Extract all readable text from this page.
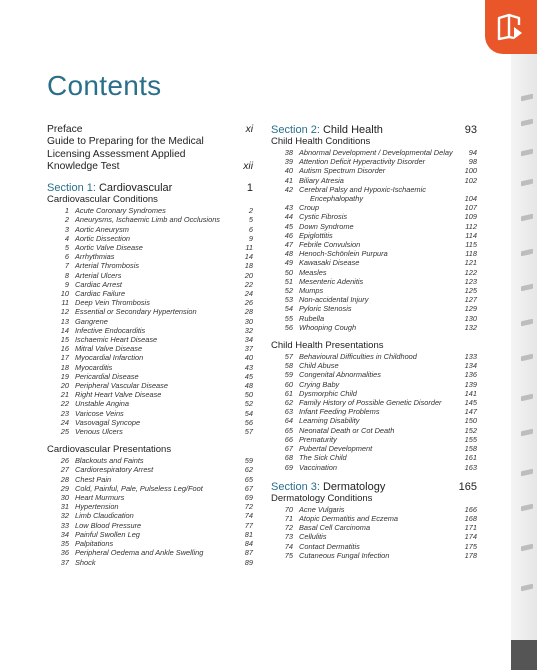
Contents
Preface	xi
Guide to Preparing for the Medical Licensing Assessment Applied Knowledge Test	xii
Section 1: Cardiovascular	1
Cardiovascular Conditions
1 Acute Coronary Syndromes	2
2 Aneurysms, Ischaemic Limb and Occlusions	5
3 Aortic Aneurysm	6
4 Aortic Dissection	9
5 Aortic Valve Disease	11
6 Arrhythmias	14
7 Arterial Thrombosis	18
8 Arterial Ulcers	20
9 Cardiac Arrest	22
10 Cardiac Failure	24
11 Deep Vein Thrombosis	26
12 Essential or Secondary Hypertension	28
13 Gangrene	30
14 Infective Endocarditis	32
15 Ischaemic Heart Disease	34
16 Mitral Valve Disease	37
17 Myocardial Infarction	40
18 Myocarditis	43
19 Pericardial Disease	45
20 Peripheral Vascular Disease	48
21 Right Heart Valve Disease	50
22 Unstable Angina	52
23 Varicose Veins	54
24 Vasovagal Syncope	56
25 Venous Ulcers	57
Cardiovascular Presentations
26 Blackouts and Faints	59
27 Cardiorespiratory Arrest	62
28 Chest Pain	65
29 Cold, Painful, Pale, Pulseless Leg/Foot	67
30 Heart Murmurs	69
31 Hypertension	72
32 Limb Claudication	74
33 Low Blood Pressure	77
34 Painful Swollen Leg	81
35 Palpitations	84
36 Peripheral Oedema and Ankle Swelling	87
37 Shock	89
Section 2: Child Health	93
Child Health Conditions
38 Abnormal Development / Developmental Delay	94
39 Attention Deficit Hyperactivity Disorder	98
40 Autism Spectrum Disorder	100
41 Biliary Atresia	102
42 Cerebral Palsy and Hypoxic-Ischaemic
Encephalopathy	104
43 Croup	107
44 Cystic Fibrosis	109
45 Down Syndrome	112
46 Epiglottitis	114
47 Febrile Convulsion	115
48 Henoch-Schönlein Purpura	118
49 Kawasaki Disease	121
50 Measles	122
51 Mesenteric Adenitis	123
52 Mumps	125
53 Non-accidental Injury	127
54 Pyloric Stenosis	129
55 Rubella	130
56 Whooping Cough	132
Child Health Presentations
57 Behavioural Difficulties in Childhood	133
58 Child Abuse	134
59 Congenital Abnormalities	136
60 Crying Baby	139
61 Dysmorphic Child	141
62 Family History of Possible Genetic Disorder	145
63 Infant Feeding Problems	147
64 Learning Disability	150
65 Neonatal Death or Cot Death	152
66 Prematurity	155
67 Pubertal Development	158
68 The Sick Child	161
69 Vaccination	163
Section 3: Dermatology	165
Dermatology Conditions
70 Acne Vulgaris	166
71 Atopic Dermatitis and Eczema	168
72 Basal Cell Carcinoma	171
73 Cellulitis	174
74 Contact Dermatitis	175
75 Cutaneous Fungal Infection	178
